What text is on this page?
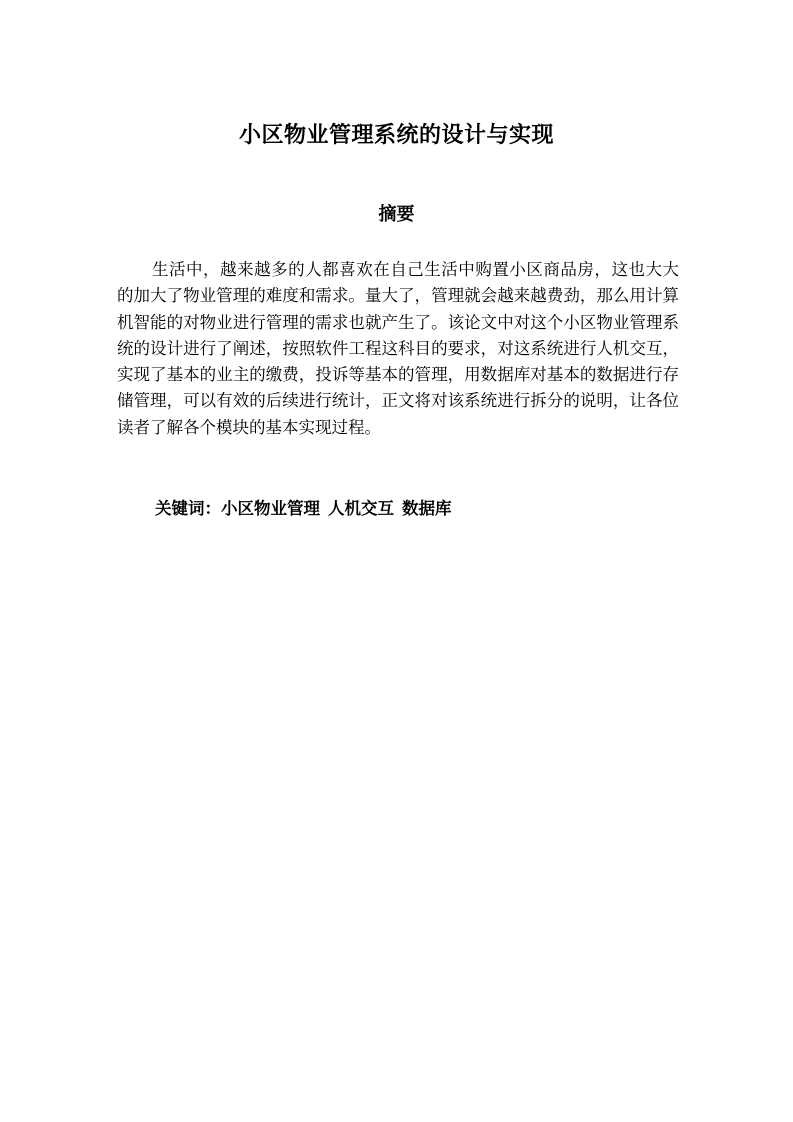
小区物业管理系统的设计与实现
摘要

生活中，越来越多的人都喜欢在自己生活中购置小区商品房，这也大大的加大了物业管理的难度和需求。量大了，管理就会越来越费劲，那么用计算机智能的对物业进行管理的需求也就产生了。该论文中对这个小区物业管理系统的设计进行了阐述，按照软件工程这科目的要求，对这系统进行人机交互，实现了基本的业主的缴费，投诉等基本的管理，用数据库对基本的数据进行存储管理，可以有效的后续进行统计，正文将对该系统进行拆分的说明，让各位读者了解各个模块的基本实现过程。

关键词：小区物业管理 人机交互 数据库
